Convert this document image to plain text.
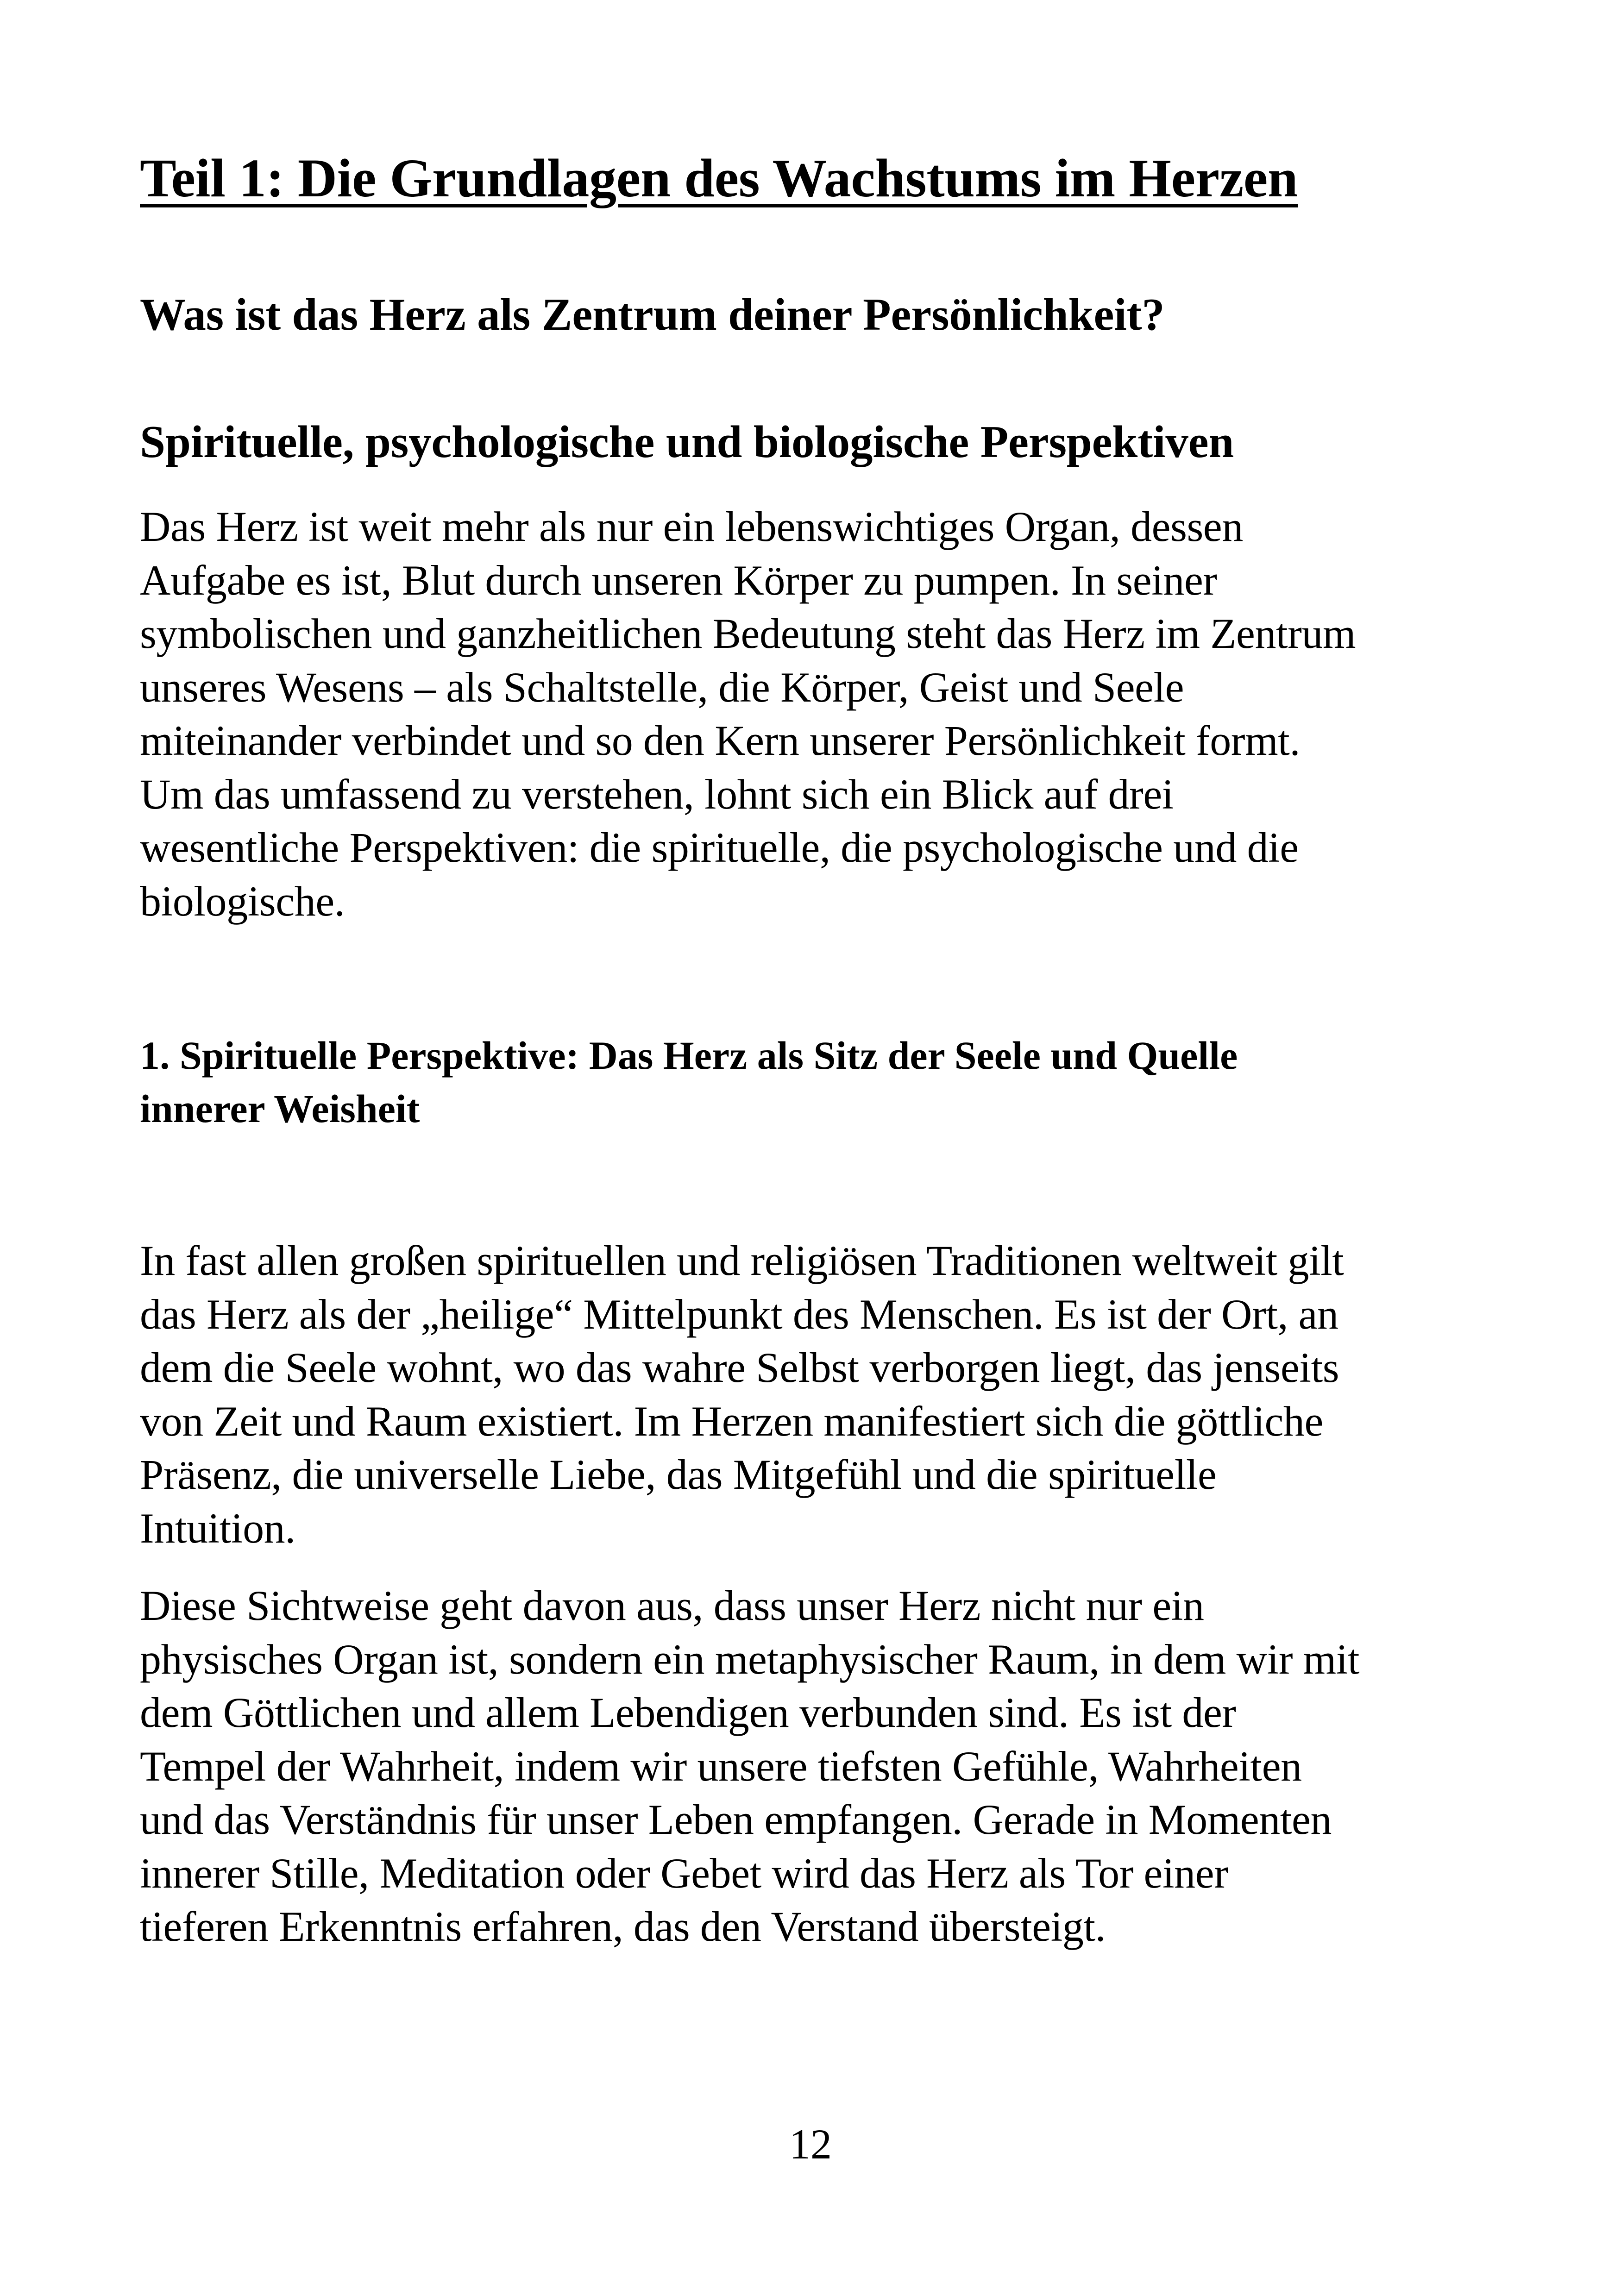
Teil 1: Die Grundlagen des Wachstums im Herzen
Was ist das Herz als Zentrum deiner Persönlichkeit?
Spirituelle, psychologische und biologische Perspektiven

Das Herz ist weit mehr als nur ein lebenswichtiges Organ, dessen
Aufgabe es ist, Blut durch unseren Körper zu pumpen. In seiner
symbolischen und ganzheitlichen Bedeutung steht das Herz im Zentrum
unseres Wesens – als Schaltstelle, die Körper, Geist und Seele
miteinander verbindet und so den Kern unserer Persönlichkeit formt.
Um das umfassend zu verstehen, lohnt sich ein Blick auf drei
wesentliche Perspektiven: die spirituelle, die psychologische und die
biologische.

1. Spirituelle Perspektive: Das Herz als Sitz der Seele und Quelle
innerer Weisheit

In fast allen großen spirituellen und religiösen Traditionen weltweit gilt
das Herz als der „heilige“ Mittelpunkt des Menschen. Es ist der Ort, an
dem die Seele wohnt, wo das wahre Selbst verborgen liegt, das jenseits
von Zeit und Raum existiert. Im Herzen manifestiert sich die göttliche
Präsenz, die universelle Liebe, das Mitgefühl und die spirituelle
Intuition.

Diese Sichtweise geht davon aus, dass unser Herz nicht nur ein
physisches Organ ist, sondern ein metaphysischer Raum, in dem wir mit
dem Göttlichen und allem Lebendigen verbunden sind. Es ist der
Tempel der Wahrheit, indem wir unsere tiefsten Gefühle, Wahrheiten
und das Verständnis für unser Leben empfangen. Gerade in Momenten
innerer Stille, Meditation oder Gebet wird das Herz als Tor einer
tieferen Erkenntnis erfahren, das den Verstand übersteigt.

12
